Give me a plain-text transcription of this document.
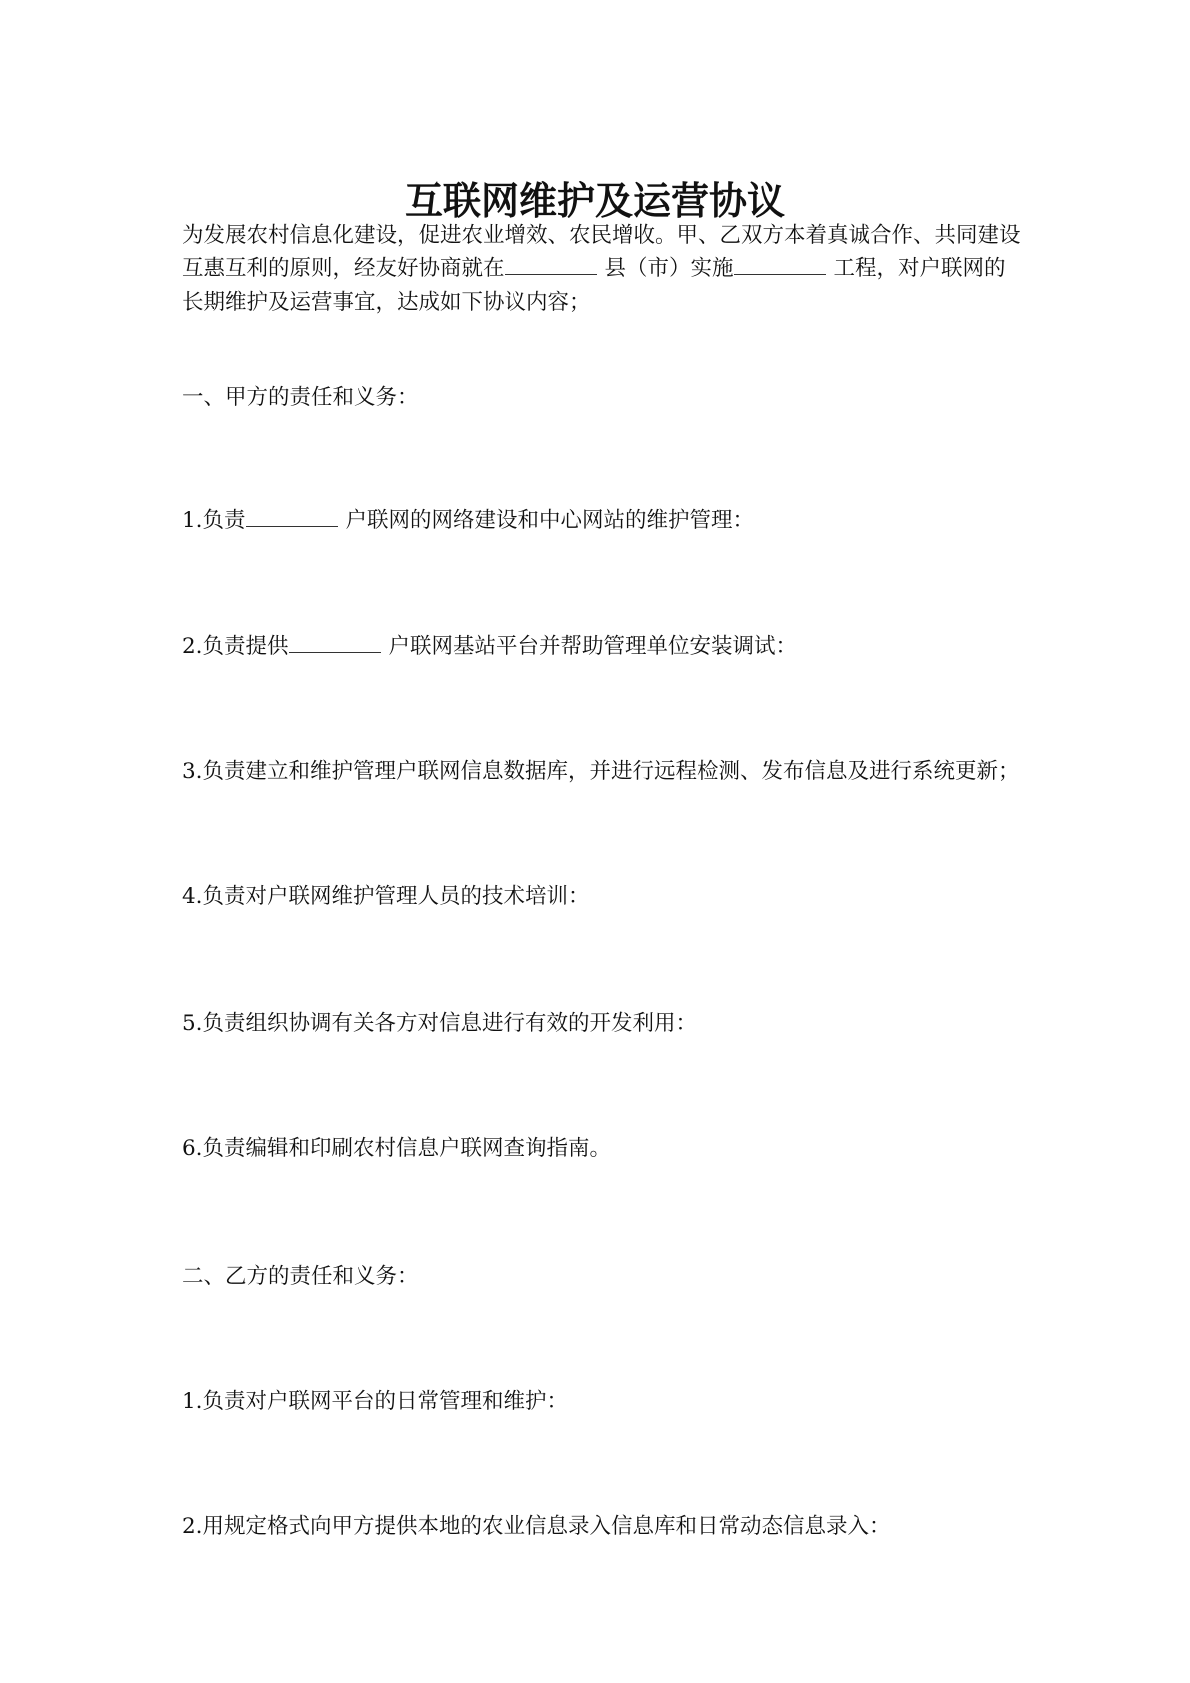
互联网维护及运营协议
为发展农村信息化建设，促进农业增效、农民增收。甲、乙双方本着真诚合作、共同建设
互惠互利的原则，经友好协商就在	县（市）实施	工程，对户联网的
长期维护及运营事宜，达成如下协议内容；
一、甲方的责任和义务：
1.负责	户联网的网络建设和中心网站的维护管理：
2.负责提供	户联网基站平台并帮助管理单位安装调试：
3.负责建立和维护管理户联网信息数据库，并进行远程检测、发布信息及进行系统更新；
4.负责对户联网维护管理人员的技术培训：
5.负责组织协调有关各方对信息进行有效的开发利用：
6.负责编辑和印刷农村信息户联网查询指南。
二、乙方的责任和义务：
1.负责对户联网平台的日常管理和维护：
2.用规定格式向甲方提供本地的农业信息录入信息库和日常动态信息录入：
